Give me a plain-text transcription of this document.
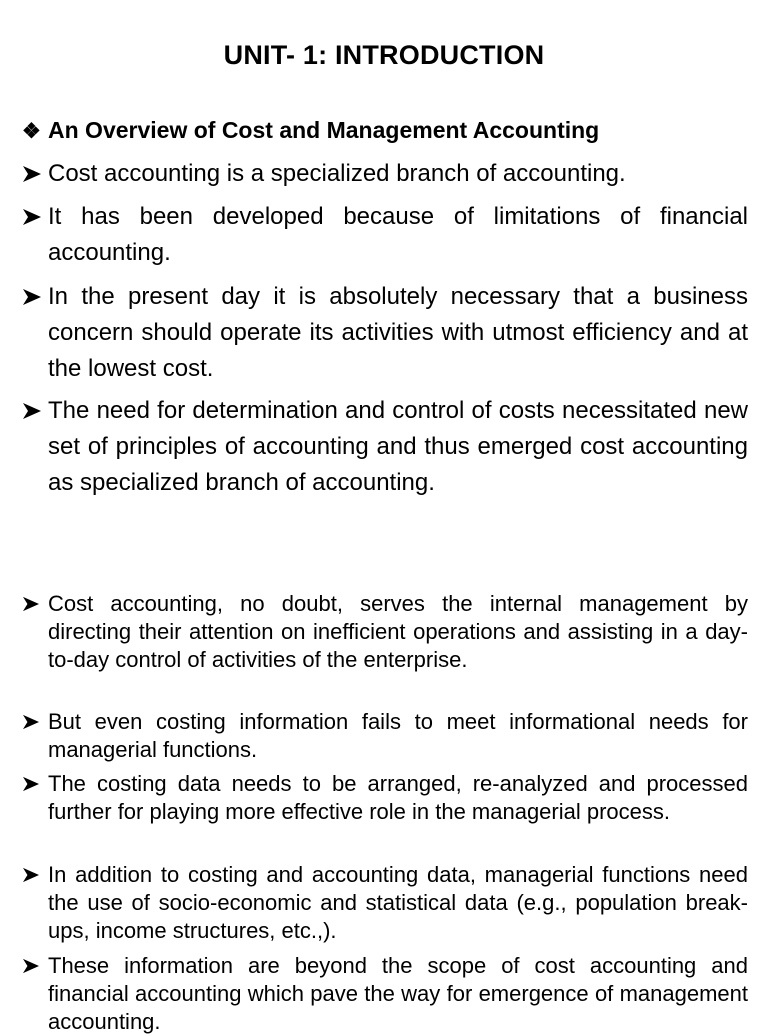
UNIT- 1: INTRODUCTION
❖ An Overview of Cost and Management Accounting
Cost accounting is a specialized branch of accounting.
It has been developed because of limitations of financial accounting.
In the present day it is absolutely necessary that a business concern should operate its activities with utmost efficiency and at the lowest cost.
The need for determination and control of costs necessitated new set of principles of accounting and thus emerged cost accounting as specialized branch of accounting.
Cost accounting, no doubt, serves the internal management by directing their attention on inefficient operations and assisting in a day-to-day control of activities of the enterprise.
But even costing information fails to meet informational needs for managerial functions.
The costing data needs to be arranged, re-analyzed and processed further for playing more effective role in the managerial process.
In addition to costing and accounting data, managerial functions need the use of socio-economic and statistical data (e.g., population break-ups, income structures, etc.,).
These information are beyond the scope of cost accounting and financial accounting which pave the way for emergence of management accounting.
